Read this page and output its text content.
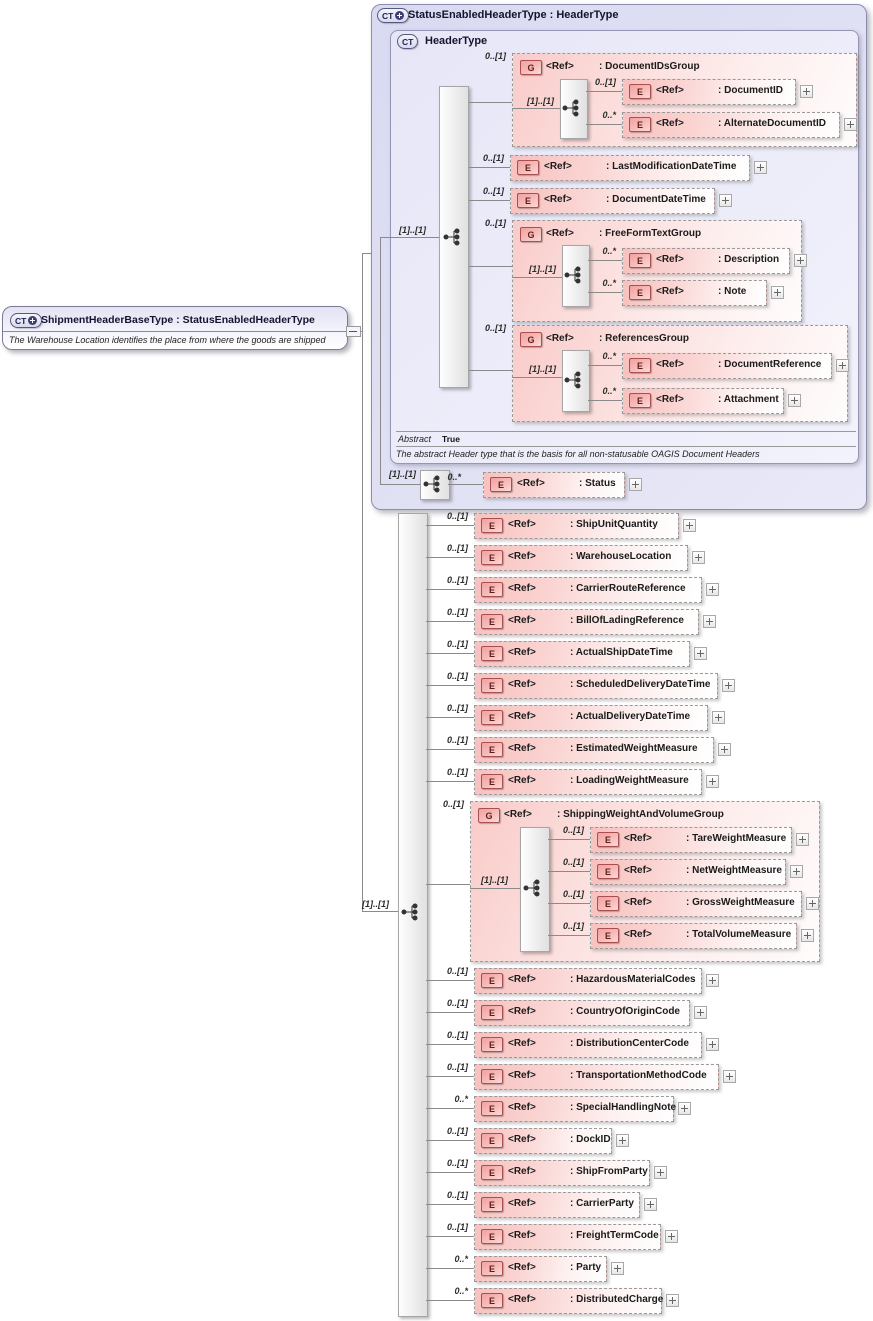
CT ShipmentHeaderBaseType : StatusEnabledHeaderType
The Warehouse Location identifies the place from where the goods are shipped
CT StatusEnabledHeaderType : HeaderType
CT HeaderType
[1]..[1]
0..[1]
G	<Ref>	: DocumentIDsGroup
[1]..[1]
0..[1]
E	<Ref>	: DocumentID
0..*
E	<Ref>	: AlternateDocumentID
0..[1]
E	<Ref>	: LastModificationDateTime
0..[1]
E	<Ref>	: DocumentDateTime
0..[1]
G	<Ref>	: FreeFormTextGroup
[1]..[1]
0..*
E	<Ref>	: Description
0..*
E	<Ref>	: Note
0..[1]
G	<Ref>	: ReferencesGroup
[1]..[1]
0..*
E	<Ref>	: DocumentReference
0..*
E	<Ref>	: Attachment
Abstract True
The abstract Header type that is the basis for all non-statusable OAGIS Document Headers
[1]..[1]	0..*
E	<Ref>	: Status
[1]..[1]
0..[1]
E	<Ref>	: ShipUnitQuantity
0..[1]
E	<Ref>	: WarehouseLocation
0..[1]
E	<Ref>	: CarrierRouteReference
0..[1]
E	<Ref>	: BillOfLadingReference
0..[1]
E	<Ref>	: ActualShipDateTime
0..[1]
E	<Ref>	: ScheduledDeliveryDateTime
0..[1]
E	<Ref>	: ActualDeliveryDateTime
0..[1]
E	<Ref>	: EstimatedWeightMeasure
0..[1]
E	<Ref>	: LoadingWeightMeasure
0..[1]
G	<Ref>	: ShippingWeightAndVolumeGroup
[1]..[1]
0..[1]
E	<Ref>	: TareWeightMeasure
0..[1]
E	<Ref>	: NetWeightMeasure
0..[1]
E	<Ref>	: GrossWeightMeasure
0..[1]
E	<Ref>	: TotalVolumeMeasure
0..[1]
E	<Ref>	: HazardousMaterialCodes
0..[1]
E	<Ref>	: CountryOfOriginCode
0..[1]
E	<Ref>	: DistributionCenterCode
0..[1]
E	<Ref>	: TransportationMethodCode
0..*
E	<Ref>	: SpecialHandlingNote
0..[1]
E	<Ref>	: DockID
0..[1]
E	<Ref>	: ShipFromParty
0..[1]
E	<Ref>	: CarrierParty
0..[1]
E	<Ref>	: FreightTermCode
0..*
E	<Ref>	: Party
0..*
E	<Ref>	: DistributedCharge
